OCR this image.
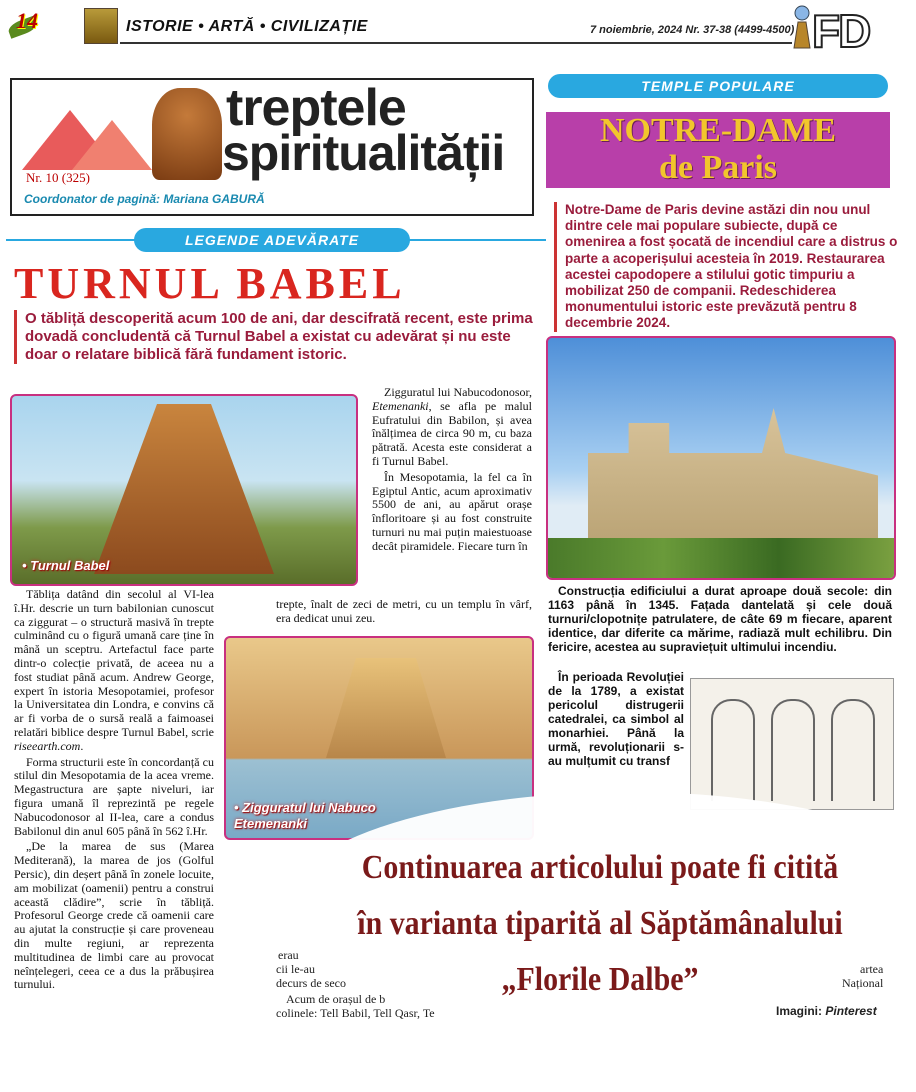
14	ISTORIE • ARTĂ • CIVILIZAȚIE	7 noiembrie, 2024 Nr. 37-38 (4499-4500) FD
treptele
spiritualității
Nr. 10 (325)
Coordonator de pagină: Mariana GABURĂ
LEGENDE ADEVĂRATE
TURNUL BABEL
O tăbliță descoperită acum 100 de ani, dar descifrată recent, este prima dovadă concludentă că Turnul Babel a existat cu adevărat și nu este doar o relatare biblică fără fundament istoric.
• Turnul Babel

Zigguratul lui Nabucodonosor, Etemenanki, se afla pe malul Eufratului din Babilon, și avea înălțimea de circa 90 m, cu baza pătrată. Acesta este considerat a fi Turnul Babel.

În Mesopotamia, la fel ca în Egiptul Antic, acum aproximativ 5500 de ani, au apărut orașe înfloritoare și au fost construite turnuri nu mai puțin maiestuoase decât piramidele. Fiecare turn în

trepte, înalt de zeci de metri, cu un templu în vârf, era dedicat unui zeu.

Tăblița datând din secolul al VI-lea î.Hr. descrie un turn babilonian cunoscut ca ziggurat – o structură masivă în trepte culminând cu o figură umană care ține în mână un sceptru. Artefactul face parte dintr-o colecție privată, de aceea nu a fost studiat până acum. Andrew George, expert în istoria Mesopotamiei, profesor la Universitatea din Londra, e convins că ar fi vorba de o sursă reală a faimoasei relatări biblice despre Turnul Babel, scrie riseearth.com.

Forma structurii este în concordanță cu stilul din Mesopotamia de la acea vreme. Megastructura are șapte niveluri, iar figura umană îl reprezintă pe regele Nabucodonosor al II-lea, care a condus Babilonul din anul 605 până în 562 î.Hr.

„De la marea de sus (Marea Mediterană), la marea de jos (Golful Persic), din deșert până în zonele locuite, am mobilizat (oamenii) pentru a construi această clădire”, scrie în tăbliță. Profesorul George crede că oamenii care au ajutat la construcție și care proveneau din multe regiuni, ar reprezenta multitudinea de limbi care au provocat neînțelegeri, ceea ce a dus la prăbușirea turnului.

• Zigguratul lui Nabuco
Etemenanki
TEMPLE POPULARE
NOTRE-DAME
de Paris
Notre-Dame de Paris devine astăzi din nou unul dintre cele mai populare subiecte, după ce omenirea a fost șocată de incendiul care a distrus o parte a acoperișului acesteia în 2019. Restaurarea acestei capodopere a stilului gotic timpuriu a mobilizat 250 de companii. Redeschiderea monumentului istoric este prevăzută pentru 8 decembrie 2024.

Construcția edificiului a durat aproape două secole: din 1163 până în 1345. Fațada dantelată și cele două turnuri/clopotnițe patrulatere, de câte 69 m fiecare, aparent identice, dar diferite ca mărime, radiază mult echilibru. Din fericire, acestea au supraviețuit ultimului incendiu.

În perioada Revoluției de la 1789, a existat pericolul distrugerii catedralei, ca simbol al monarhiei. Până la urmă, revoluționarii s-au mulțumit cu transf

erau
cii le-au
decurs de seco
Acum de orașul de b
colinele: Tell Babil, Tell Qasr, Te
artea
Național
Continuarea articolului poate fi citită
în varianta tiparită al Săptămânalului
„Florile Dalbe”
Imagini: Pinterest
